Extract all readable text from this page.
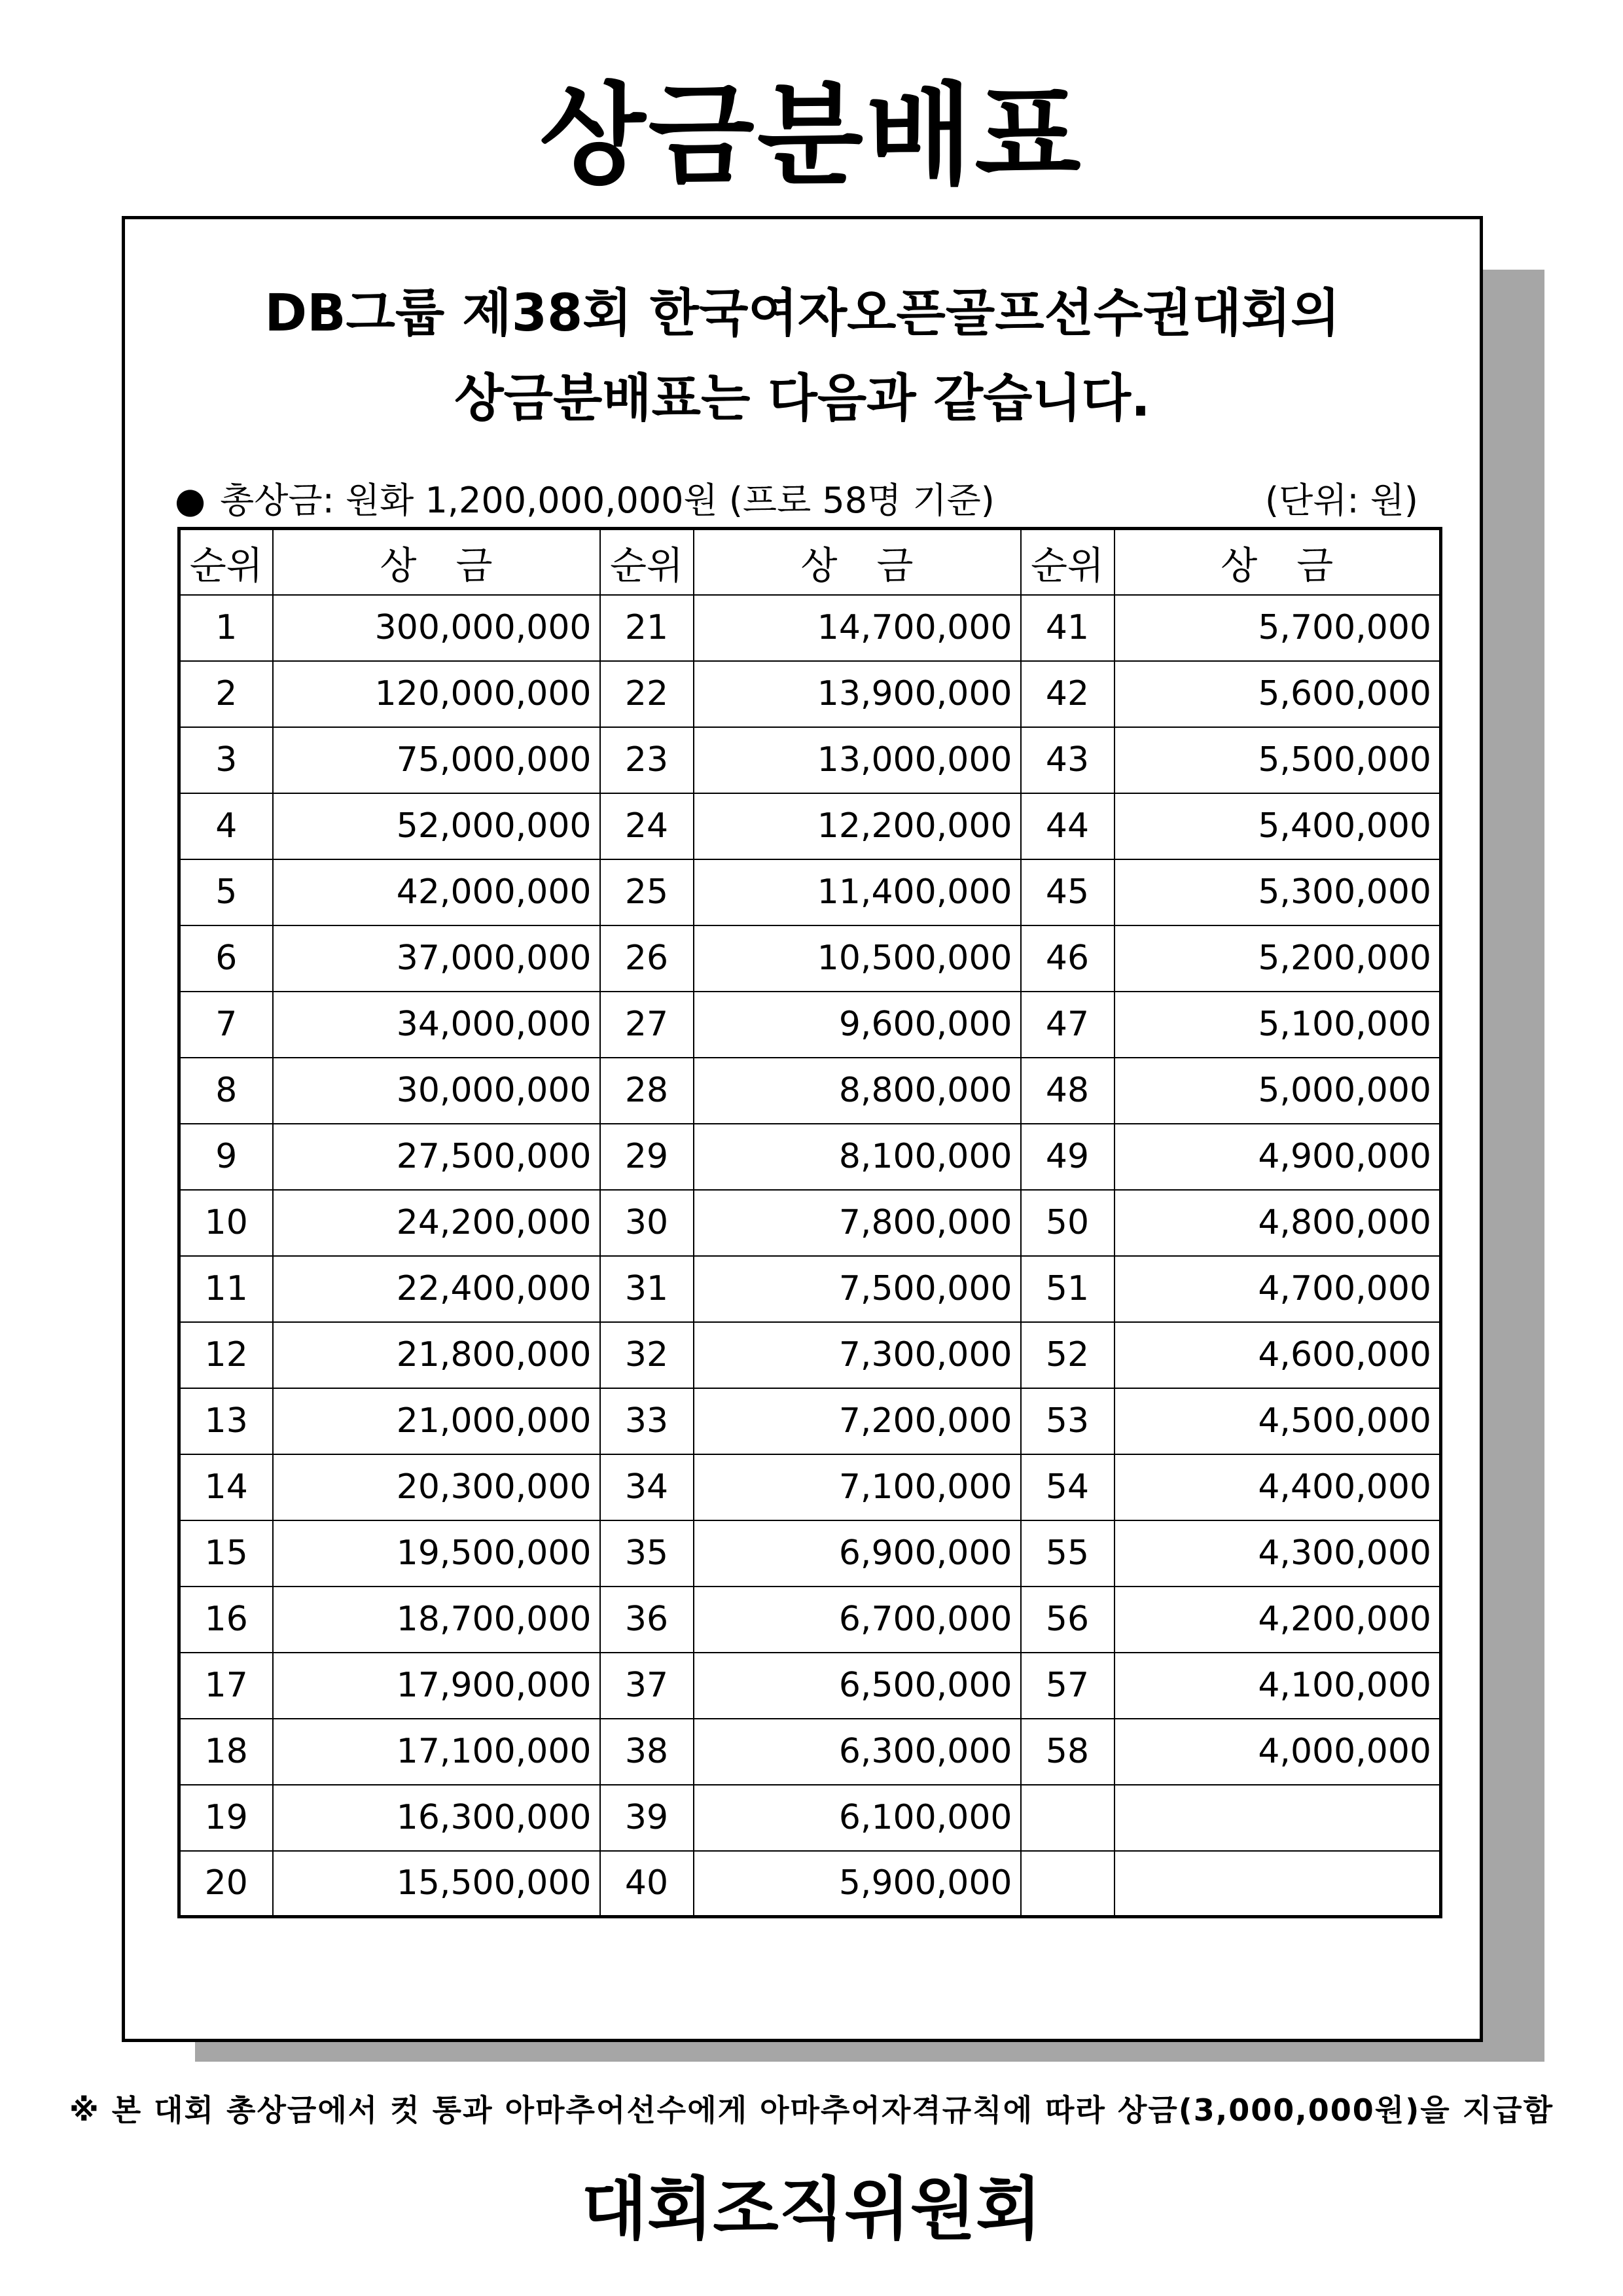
상금분배표
DB그룹 제38회 한국여자오픈골프선수권대회의
상금분배표는 다음과 같습니다.
● 총상금: 원화 1,200,000,000원 (프로 58명 기준)	(단위: 원)
순위	상금	순위	상금	순위	상금
1	300,000,000	21	14,700,000	41	5,700,000
2	120,000,000	22	13,900,000	42	5,600,000
3	75,000,000	23	13,000,000	43	5,500,000
4	52,000,000	24	12,200,000	44	5,400,000
5	42,000,000	25	11,400,000	45	5,300,000
6	37,000,000	26	10,500,000	46	5,200,000
7	34,000,000	27	9,600,000	47	5,100,000
8	30,000,000	28	8,800,000	48	5,000,000
9	27,500,000	29	8,100,000	49	4,900,000
10	24,200,000	30	7,800,000	50	4,800,000
11	22,400,000	31	7,500,000	51	4,700,000
12	21,800,000	32	7,300,000	52	4,600,000
13	21,000,000	33	7,200,000	53	4,500,000
14	20,300,000	34	7,100,000	54	4,400,000
15	19,500,000	35	6,900,000	55	4,300,000
16	18,700,000	36	6,700,000	56	4,200,000
17	17,900,000	37	6,500,000	57	4,100,000
18	17,100,000	38	6,300,000	58	4,000,000
19	16,300,000	39	6,100,000		
20	15,500,000	40	5,900,000		
※ 본 대회 총상금에서 컷 통과 아마추어선수에게 아마추어자격규칙에 따라 상금(3,000,000원)을 지급함
대회조직위원회
